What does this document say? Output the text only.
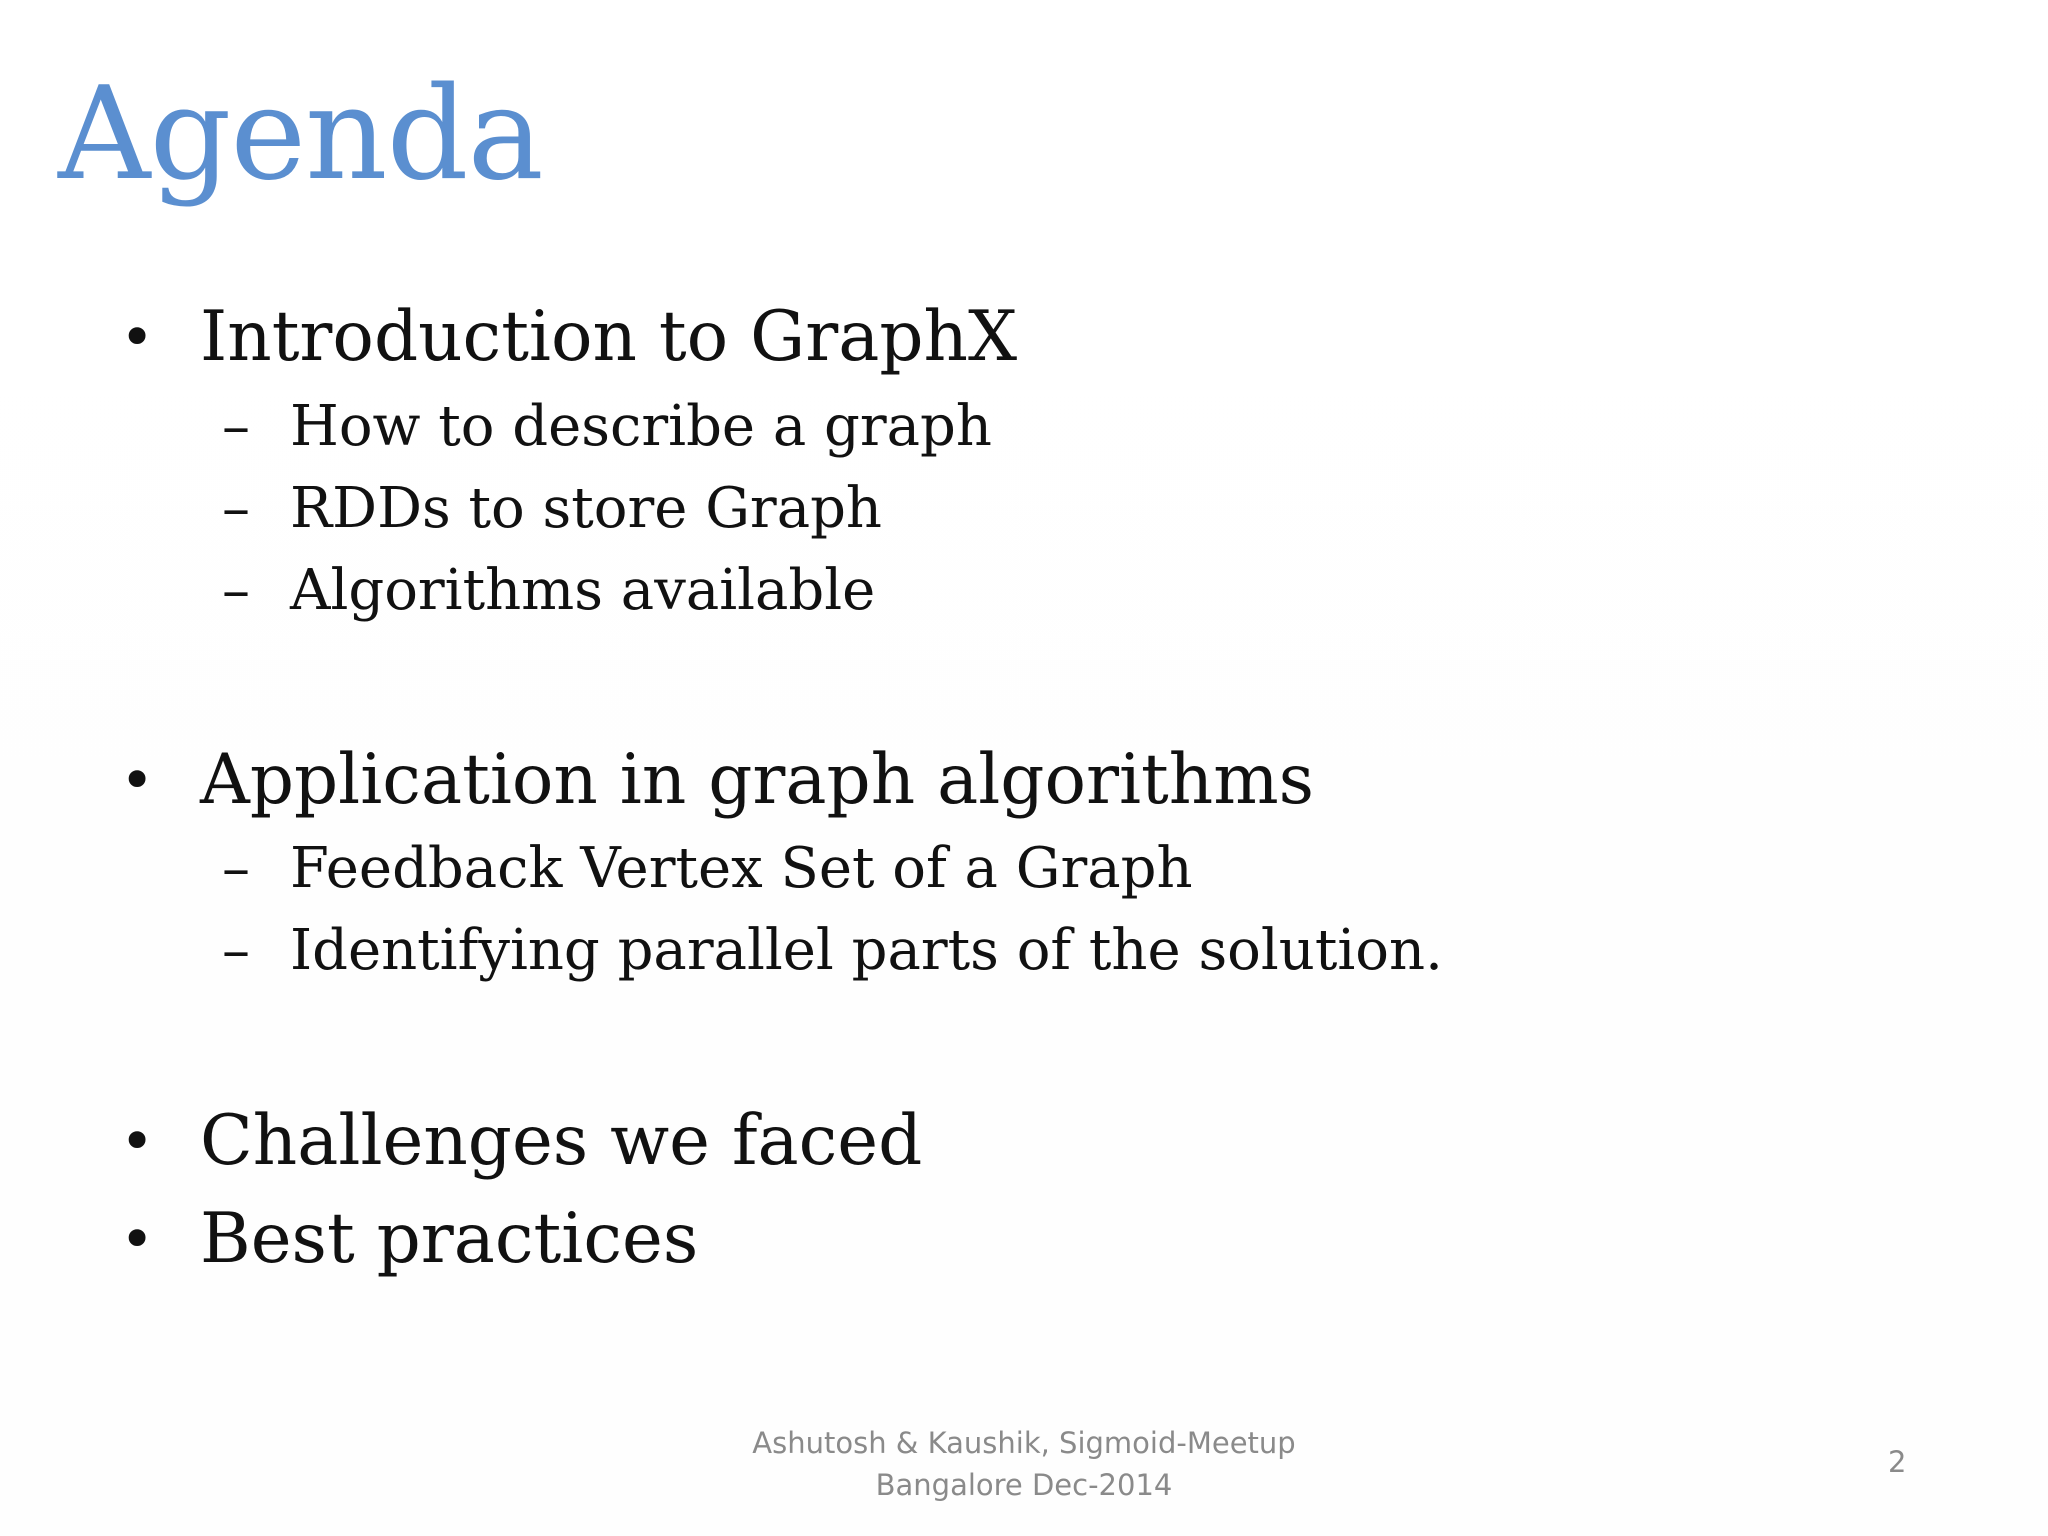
Agenda
• Introduction to GraphX
– How to describe a graph
– RDDs to store Graph
– Algorithms available
• Application in graph algorithms
– Feedback Vertex Set of a Graph
– Identifying parallel parts of the solution.
• Challenges we faced
• Best practices
Ashutosh & Kaushik, Sigmoid-Meetup
Bangalore Dec-2014
2
